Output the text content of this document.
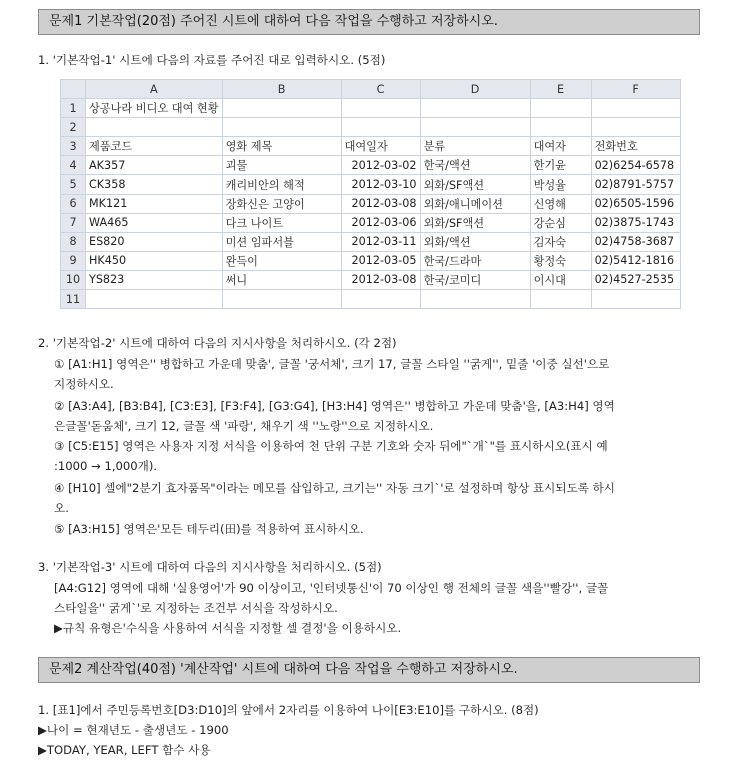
문제1 기본작업(20점) 주어진 시트에 대하여 다음 작업을 수행하고 저장하시오.
1. '기본작업-1' 시트에 다음의 자료를 주어진 대로 입력하시오. (5점)
	A	B	C	D	E	F
1	상공나라 비디오 대여 현황					
2						
3	제품코드	영화 제목	대여일자	분류	대여자	전화번호
4	AK357	괴물	2012-03-02	한국/액션	한기윤	02)6254-6578
5	CK358	캐리비안의 해적	2012-03-10	외화/SF액션	박성율	02)8791-5757
6	MK121	장화신은 고양이	2012-03-08	외화/애니메이션	신영해	02)6505-1596
7	WA465	다크 나이트	2012-03-06	외화/SF액션	강순심	02)3875-1743
8	ES820	미션 임파서블	2012-03-11	외화/액션	김자숙	02)4758-3687
9	HK450	완득이	2012-03-05	한국/드라마	황정숙	02)5412-1816
10	YS823	써니	2012-03-08	한국/코미디	이시대	02)4527-2535
11						
2. '기본작업-2' 시트에 대하여 다음의 지시사항을 처리하시오. (각 2점)
① [A1:H1] 영역은'' 병합하고 가운데 맞춤', 글꼴 '궁서체', 크기 17, 글꼴 스타일 ''굵게'', 밑줄 '이중 실선'으로
지정하시오.
② [A3:A4], [B3:B4], [C3:E3], [F3:F4], [G3:G4], [H3:H4] 영역은'' 병합하고 가운데 맞춤'을, [A3:H4] 영역
은글꼴'돋움체', 크기 12, 글꼴 색 '파랑', 채우기 색 ''노랑''으로 지정하시오.
③ [C5:E15] 영역은 사용자 지정 서식을 이용하여 천 단위 구분 기호와 숫자 뒤에"`개`"를 표시하시오(표시 예
:1000 → 1,000개).
④ [H10] 셀에"2분기 효자품목"이라는 메모를 삽입하고, 크기는'' 자동 크기`'로 설정하며 항상 표시되도록 하시
오.
⑤ [A3:H15] 영역은'모든 테두리(田)를 적용하여 표시하시오.
3. '기본작업-3' 시트에 대하여 다음의 지시사항을 처리하시오. (5점)
[A4:G12] 영역에 대해 '실용영어'가 90 이상이고, '인터넷통신'이 70 이상인 행 전체의 글꼴 색을''빨강'', 글꼴
스타일을'' 굵게`'로 지정하는 조건부 서식을 작성하시오.
▶규칙 유형은'수식을 사용하여 서식을 지정할 셀 결정'을 이용하시오.
문제2 계산작업(40점) '계산작업' 시트에 대하여 다음 작업을 수행하고 저장하시오.
1. [표1]에서 주민등록번호[D3:D10]의 앞에서 2자리를 이용하여 나이[E3:E10]를 구하시오. (8점)
▶나이 = 현재년도 - 출생년도 - 1900
▶TODAY, YEAR, LEFT 함수 사용
